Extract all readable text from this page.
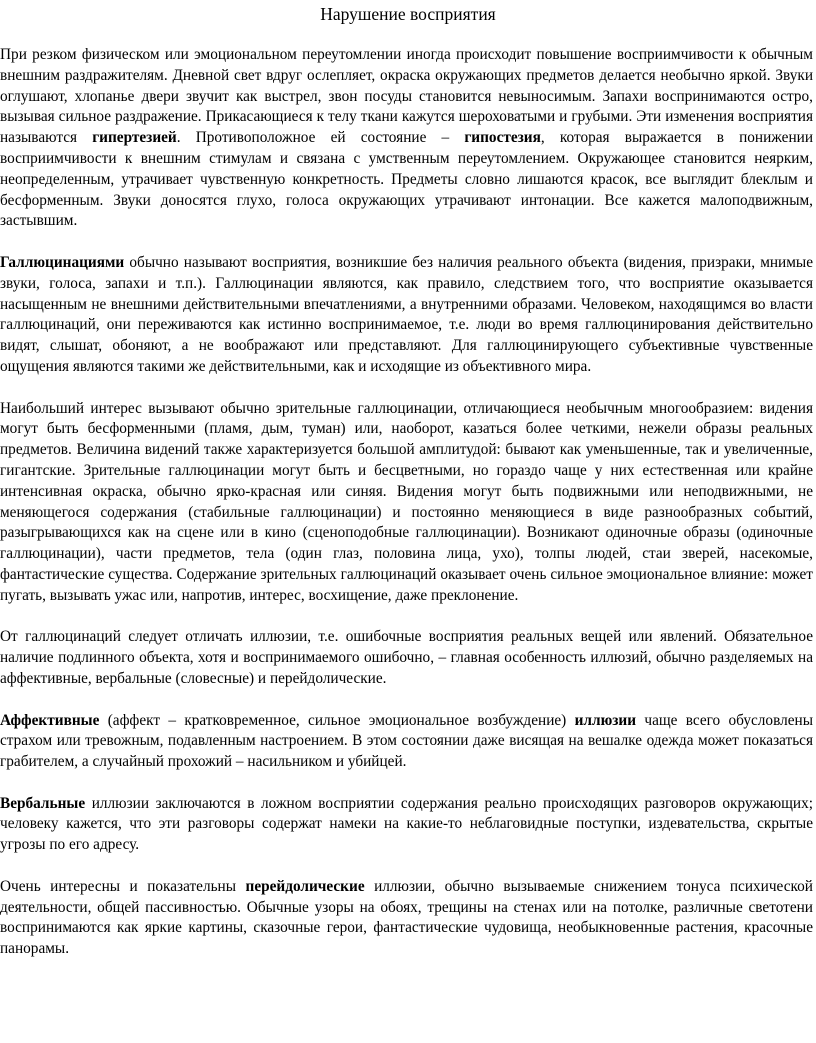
Нарушение восприятия

При резком физическом или эмоциональном переутомлении иногда происходит повышение восприимчивости к обычным внешним раздражителям. Дневной свет вдруг ослепляет, окраска окружающих предметов делается необычно яркой. Звуки оглушают, хлопанье двери звучит как выстрел, звон посуды становится невыносимым. Запахи воспринимаются остро, вызывая сильное раздражение. Прикасающиеся к телу ткани кажутся шероховатыми и грубыми. Эти изменения восприятия называются гипертезией. Противоположное ей состояние – гипостезия, которая выражается в понижении восприимчивости к внешним стимулам и связана с умственным переутомлением. Окружающее становится неярким, неопределенным, утрачивает чувственную конкретность. Предметы словно лишаются красок, все выглядит блеклым и бесформенным. Звуки доносятся глухо, голоса окружающих утрачивают интонации. Все кажется малоподвижным, застывшим.

Галлюцинациями обычно называют восприятия, возникшие без наличия реального объекта (видения, призраки, мнимые звуки, голоса, запахи и т.п.). Галлюцинации являются, как правило, следствием того, что восприятие оказывается насыщенным не внешними действительными впечатлениями, а внутренними образами. Человеком, находящимся во власти галлюцинаций, они переживаются как истинно воспринимаемое, т.е. люди во время галлюцинирования действительно видят, слышат, обоняют, а не воображают или представляют. Для галлюцинирующего субъективные чувственные ощущения являются такими же действительными, как и исходящие из объективного мира.

Наибольший интерес вызывают обычно зрительные галлюцинации, отличающиеся необычным многообразием: видения могут быть бесформенными (пламя, дым, туман) или, наоборот, казаться более четкими, нежели образы реальных предметов. Величина видений также характеризуется большой амплитудой: бывают как уменьшенные, так и увеличенные, гигантские. Зрительные галлюцинации могут быть и бесцветными, но гораздо чаще у них естественная или крайне интенсивная окраска, обычно ярко-красная или синяя. Видения могут быть подвижными или неподвижными, не меняющегося содержания (стабильные галлюцинации) и постоянно меняющиеся в виде разнообразных событий, разыгрывающихся как на сцене или в кино (сценоподобные галлюцинации). Возникают одиночные образы (одиночные галлюцинации), части предметов, тела (один глаз, половина лица, ухо), толпы людей, стаи зверей, насекомые, фантастические существа. Содержание зрительных галлюцинаций оказывает очень сильное эмоциональное влияние: может пугать, вызывать ужас или, напротив, интерес, восхищение, даже преклонение.

От галлюцинаций следует отличать иллюзии, т.е. ошибочные восприятия реальных вещей или явлений. Обязательное наличие подлинного объекта, хотя и воспринимаемого ошибочно, – главная особенность иллюзий, обычно разделяемых на аффективные, вербальные (словесные) и перейдолические.

Аффективные (аффект – кратковременное, сильное эмоциональное возбуждение) иллюзии чаще всего обусловлены страхом или тревожным, подавленным настроением. В этом состоянии даже висящая на вешалке одежда может показаться грабителем, а случайный прохожий – насильником и убийцей.

Вербальные иллюзии заключаются в ложном восприятии содержания реально происходящих разговоров окружающих; человеку кажется, что эти разговоры содержат намеки на какие-то неблаговидные поступки, издевательства, скрытые угрозы по его адресу.

Очень интересны и показательны перейдолические иллюзии, обычно вызываемые снижением тонуса психической деятельности, общей пассивностью. Обычные узоры на обоях, трещины на стенах или на потолке, различные светотени воспринимаются как яркие картины, сказочные герои, фантастические чудовища, необыкновенные растения, красочные панорамы.
